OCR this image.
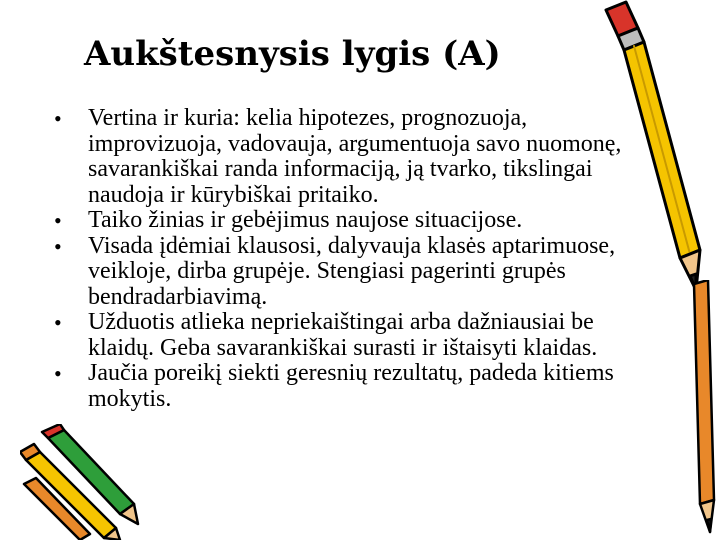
Aukštesnysis lygis (A)
• Vertina ir kuria: kelia hipotezes, prognozuoja, improvizuoja, vadovauja, argumentuoja savo nuomonę, savarankiškai randa informaciją, ją tvarko, tikslingai naudoja ir kūrybiškai pritaiko.
• Taiko žinias ir gebėjimus naujose situacijose.
• Visada įdėmiai klausosi, dalyvauja klasės aptarimuose, veikloje, dirba grupėje. Stengiasi pagerinti grupės bendradarbiavimą.
• Užduotis atlieka nepriekaištingai arba dažniausiai be klaidų. Geba savarankiškai surasti ir ištaisyti klaidas.
• Jaučia poreikį siekti geresnių rezultatų, padeda kitiems mokytis.
